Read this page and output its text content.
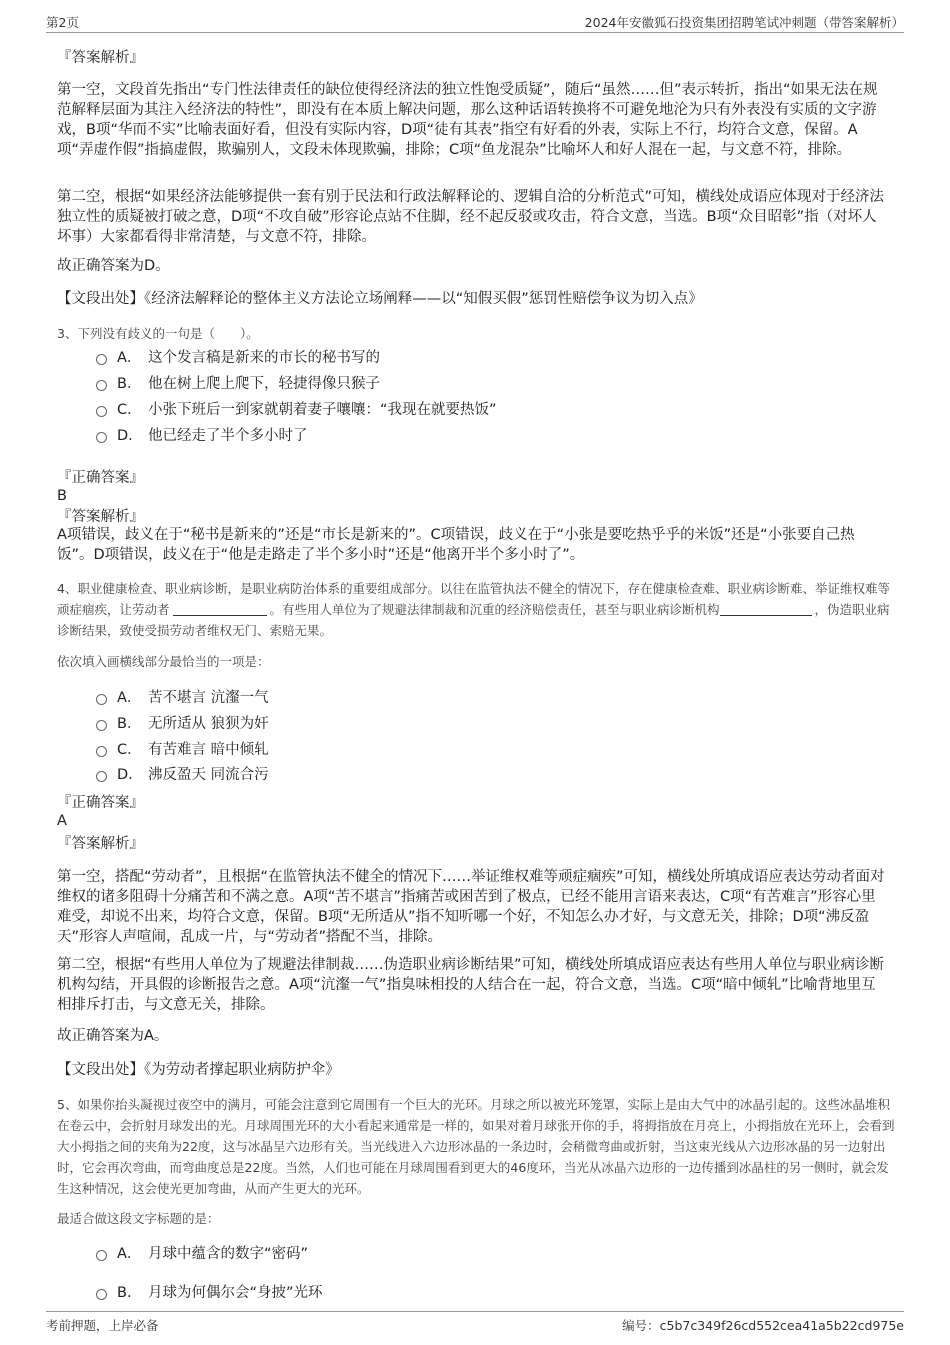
第2页	2024年安徽狐石投资集团招聘笔试冲刺题（带答案解析）
『答案解析』

第一空，文段首先指出“专门性法律责任的缺位使得经济法的独立性饱受质疑”，随后“虽然……但”表示转折，指出“如果无法在规范解释层面为其注入经济法的特性”，即没有在本质上解决问题，那么这种话语转换将不可避免地沦为只有外表没有实质的文字游戏，B项“华而不实”比喻表面好看，但没有实际内容，D项“徒有其表”指空有好看的外表，实际上不行，均符合文意，保留。A项“弄虚作假”指搞虚假，欺骗别人，文段未体现欺骗，排除；C项“鱼龙混杂”比喻坏人和好人混在一起，与文意不符，排除。

第二空，根据“如果经济法能够提供一套有别于民法和行政法解释论的、逻辑自洽的分析范式”可知，横线处成语应体现对于经济法独立性的质疑被打破之意，D项“不攻自破”形容论点站不住脚，经不起反驳或攻击，符合文意，当选。B项“众目昭彰”指（对坏人坏事）大家都看得非常清楚，与文意不符，排除。

故正确答案为D。
【文段出处】《经济法解释论的整体主义方法论立场阐释——以“知假买假”惩罚性赔偿争议为切入点》
3、下列没有歧义的一句是（　　）。
A． 这个发言稿是新来的市长的秘书写的
B． 他在树上爬上爬下，轻捷得像只猴子
C． 小张下班后一到家就朝着妻子嚷嚷：“我现在就要热饭”
D． 他已经走了半个多小时了
『正确答案』
B
『答案解析』

A项错误，歧义在于“秘书是新来的”还是“市长是新来的”。C项错误，歧义在于“小张是要吃热乎乎的米饭”还是“小张要自己热饭”。D项错误，歧义在于“他是走路走了半个多小时”还是“他离开半个多小时了”。

4、职业健康检查、职业病诊断，是职业病防治体系的重要组成部分。以往在监管执法不健全的情况下，存在健康检查难、职业病诊断难、举证维权难等顽症痼疾，让劳动者	。有些用人单位为了规避法律制裁和沉重的经济赔偿责任，甚至与职业病诊断机构	，伪造职业病诊断结果，致使受损劳动者维权无门、索赔无果。
依次填入画横线部分最恰当的一项是：
A． 苦不堪言 沆瀣一气
B． 无所适从 狼狈为奸
C． 有苦难言 暗中倾轧
D． 沸反盈天 同流合污
『正确答案』
A
『答案解析』

第一空，搭配“劳动者”，且根据“在监管执法不健全的情况下……举证维权难等顽症痼疾”可知，横线处所填成语应表达劳动者面对维权的诸多阻碍十分痛苦和不满之意。A项“苦不堪言”指痛苦或困苦到了极点，已经不能用言语来表达，C项“有苦难言”形容心里难受，却说不出来，均符合文意，保留。B项“无所适从”指不知听哪一个好，不知怎么办才好，与文意无关，排除；D项“沸反盈天”形容人声喧闹，乱成一片，与“劳动者”搭配不当，排除。

第二空，根据“有些用人单位为了规避法律制裁……伪造职业病诊断结果”可知，横线处所填成语应表达有些用人单位与职业病诊断机构勾结，开具假的诊断报告之意。A项“沆瀣一气”指臭味相投的人结合在一起，符合文意，当选。C项“暗中倾轧”比喻背地里互相排斥打击，与文意无关，排除。

故正确答案为A。
【文段出处】《为劳动者撑起职业病防护伞》

5、如果你抬头凝视过夜空中的满月，可能会注意到它周围有一个巨大的光环。月球之所以被光环笼罩，实际上是由大气中的冰晶引起的。这些冰晶堆积在卷云中，会折射月球发出的光。月球周围光环的大小看起来通常是一样的，如果对着月球张开你的手，将拇指放在月亮上，小拇指放在光环上，会看到大小拇指之间的夹角为22度，这与冰晶呈六边形有关。当光线进入六边形冰晶的一条边时，会稍微弯曲或折射，当这束光线从六边形冰晶的另一边射出时，它会再次弯曲，而弯曲度总是22度。当然，人们也可能在月球周围看到更大的46度环，当光从冰晶六边形的一边传播到冰晶柱的另一侧时，就会发生这种情况，这会使光更加弯曲，从而产生更大的光环。

最适合做这段文字标题的是：
A． 月球中蕴含的数字“密码”
B． 月球为何偶尔会“身披”光环
考前押题，上岸必备	编号：c5b7c349f26cd552cea41a5b22cd975e
